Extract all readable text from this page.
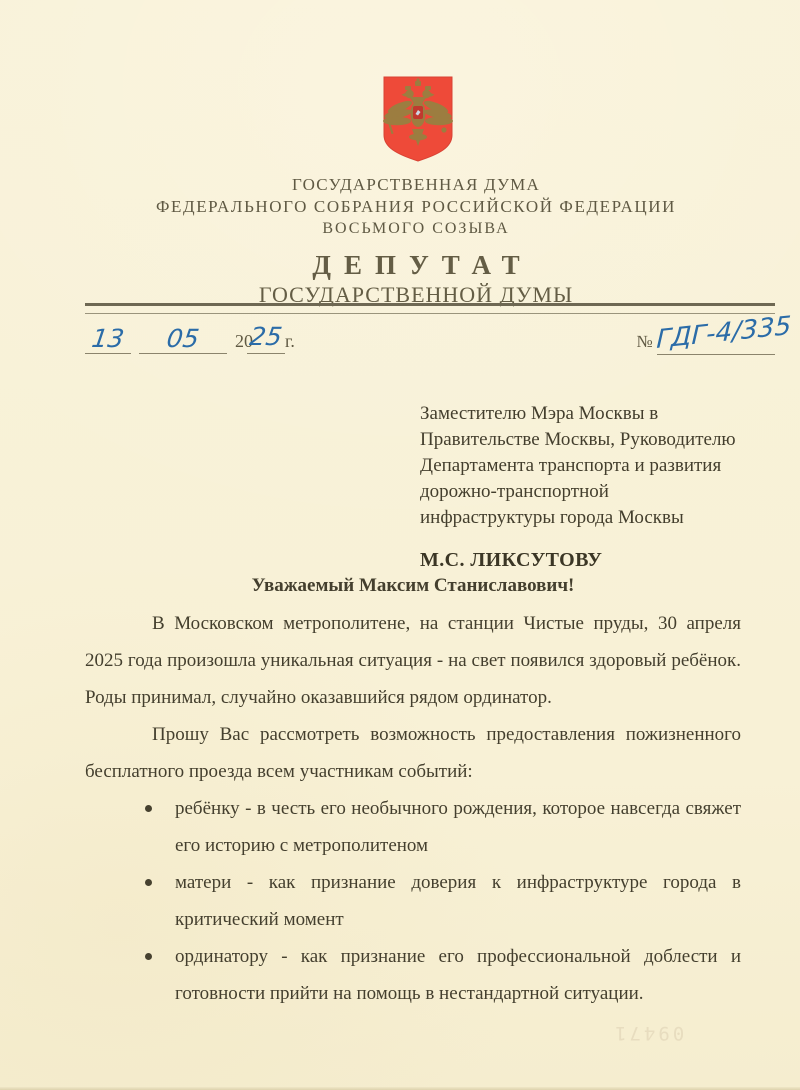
ГОСУДАРСТВЕННАЯ ДУМА
ФЕДЕРАЛЬНОГО СОБРАНИЯ РОССИЙСКОЙ ФЕДЕРАЦИИ
ВОСЬМОГО СОЗЫВА
ДЕПУТАТ
ГОСУДАРСТВЕННОЙ ДУМЫ
13 05 2025г.	№ ГДГ-4/335
Заместителю Мэра Москвы в
Правительстве Москвы, Руководителю
Департамента транспорта и развития
дорожно-транспортной
инфраструктуры города Москвы
М.С. ЛИКСУТОВУ
Уважаемый Максим Станиславович!

В Московском метрополитене, на станции Чистые пруды, 30 апреля 2025 года произошла уникальная ситуация - на свет появился здоровый ребёнок. Роды принимал, случайно оказавшийся рядом ординатор.

Прошу Вас рассмотреть возможность предоставления пожизненного бесплатного проезда всем участникам событий:

ребёнку - в честь его необычного рождения, которое навсегда свяжет его историю с метрополитеном
матери - как признание доверия к инфраструктуре города в критический момент
ординатору - как признание его профессиональной доблести и готовности прийти на помощь в нестандартной ситуации.
09471
